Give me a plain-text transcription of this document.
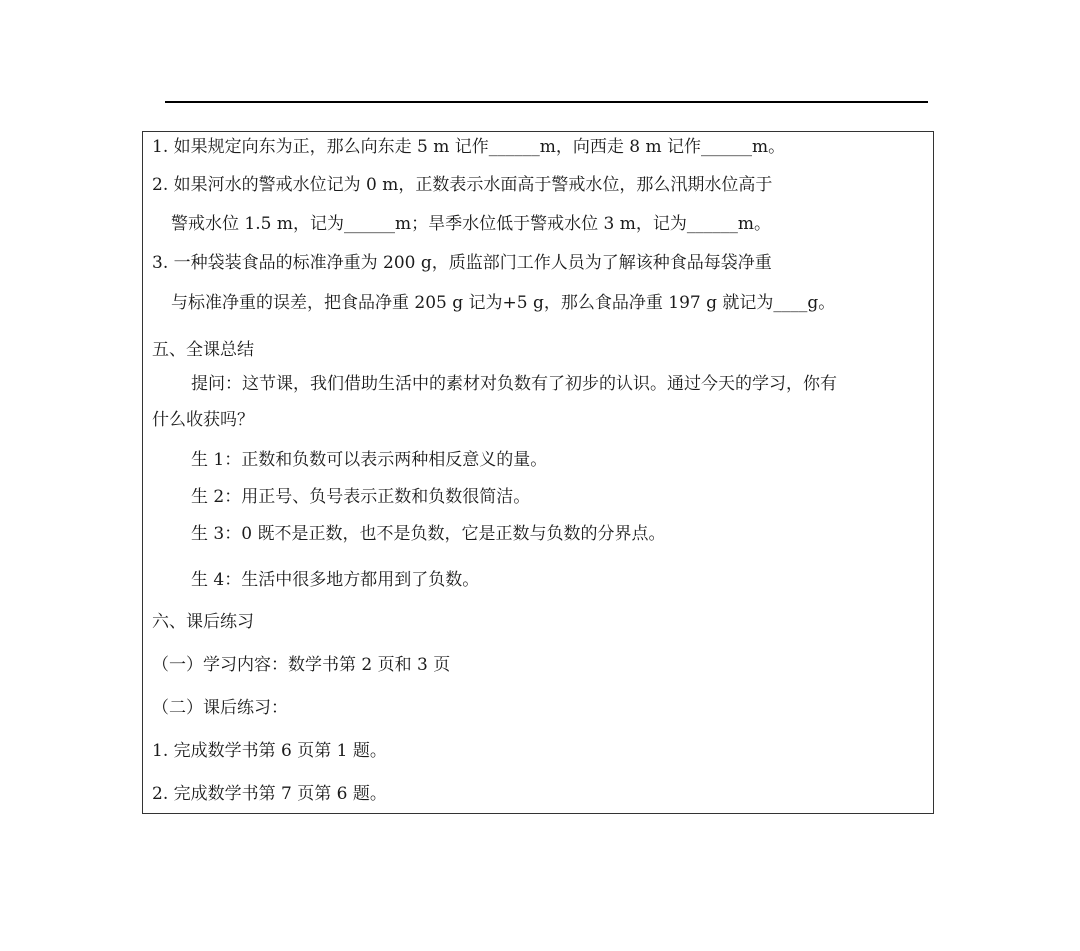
1. 如果规定向东为正，那么向东走 5 m 记作______m，向西走 8 m 记作______m。
2. 如果河水的警戒水位记为 0 m，正数表示水面高于警戒水位，那么汛期水位高于
警戒水位 1.5 m，记为______m；旱季水位低于警戒水位 3 m，记为______m。
3. 一种袋装食品的标准净重为 200 g，质监部门工作人员为了解该种食品每袋净重
与标准净重的误差，把食品净重 205 g 记为+5 g，那么食品净重 197 g 就记为____g。
五、全课总结
提问：这节课，我们借助生活中的素材对负数有了初步的认识。通过今天的学习，你有
什么收获吗？
生 1：正数和负数可以表示两种相反意义的量。
生 2：用正号、负号表示正数和负数很简洁。
生 3：0 既不是正数，也不是负数，它是正数与负数的分界点。
生 4：生活中很多地方都用到了负数。
六、课后练习
（一）学习内容：数学书第 2 页和 3 页
（二）课后练习：
1. 完成数学书第 6 页第 1 题。
2. 完成数学书第 7 页第 6 题。
